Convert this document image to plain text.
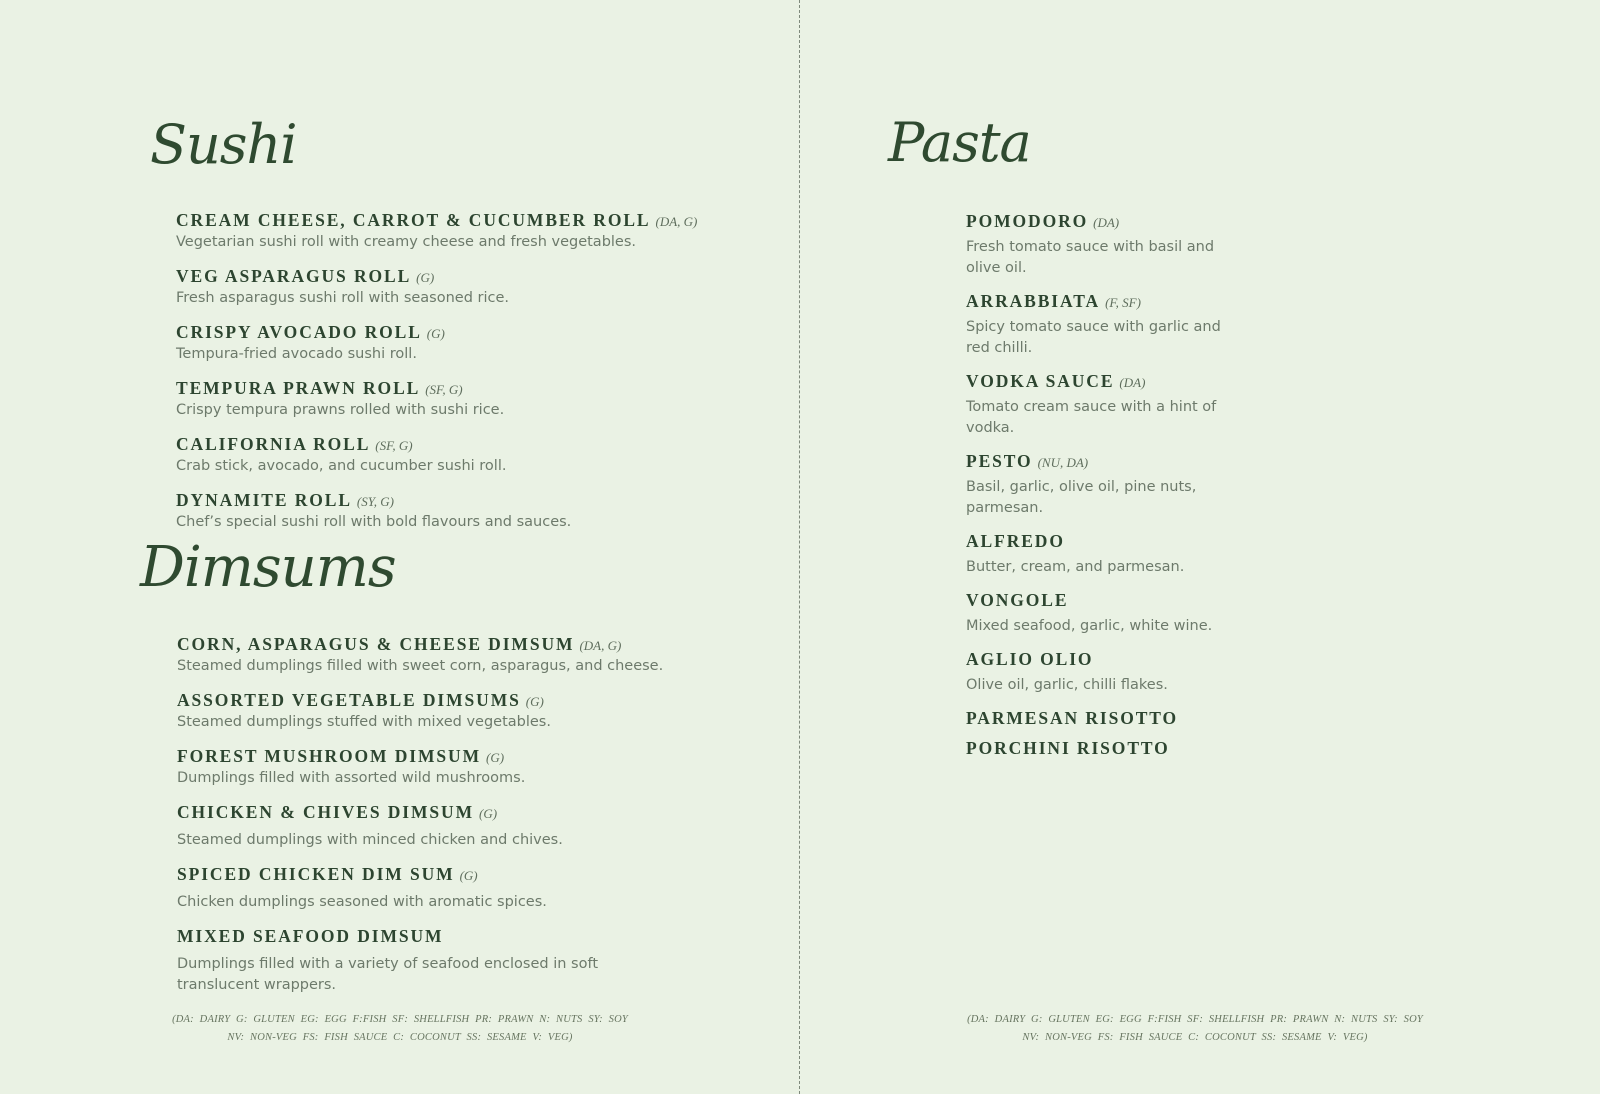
Sushi
CREAM CHEESE, CARROT & CUCUMBER ROLL (DA, G)
Vegetarian sushi roll with creamy cheese and fresh vegetables.
VEG ASPARAGUS ROLL (G)
Fresh asparagus sushi roll with seasoned rice.
CRISPY AVOCADO ROLL (G)
Tempura-fried avocado sushi roll.
TEMPURA PRAWN ROLL (SF, G)
Crispy tempura prawns rolled with sushi rice.
CALIFORNIA ROLL (SF, G)
Crab stick, avocado, and cucumber sushi roll.
DYNAMITE ROLL (SY, G)
Chef’s special sushi roll with bold flavours and sauces.
Dimsums
CORN, ASPARAGUS & CHEESE DIMSUM (DA, G)
Steamed dumplings filled with sweet corn, asparagus, and cheese.
ASSORTED VEGETABLE DIMSUMS (G)
Steamed dumplings stuffed with mixed vegetables.
FOREST MUSHROOM DIMSUM (G)
Dumplings filled with assorted wild mushrooms.
CHICKEN & CHIVES DIMSUM (G)
Steamed dumplings with minced chicken and chives.
SPICED CHICKEN DIM SUM (G)
Chicken dumplings seasoned with aromatic spices.
MIXED SEAFOOD DIMSUM
Dumplings filled with a variety of seafood enclosed in soft translucent wrappers.

(DA: DAIRY G: GLUTEN EG: EGG F:FISH SF: SHELLFISH PR: PRAWN N: NUTS SY: SOY
NV: NON-VEG FS: FISH SAUCE C: COCONUT SS: SESAME V: VEG)

Pasta
POMODORO (DA)
Fresh tomato sauce with basil and olive oil.
ARRABBIATA (F, SF)
Spicy tomato sauce with garlic and red chilli.
VODKA SAUCE (DA)
Tomato cream sauce with a hint of vodka.
PESTO (NU, DA)
Basil, garlic, olive oil, pine nuts, parmesan.
ALFREDO
Butter, cream, and parmesan.
VONGOLE
Mixed seafood, garlic, white wine.
AGLIO OLIO
Olive oil, garlic, chilli flakes.
PARMESAN RISOTTO
PORCHINI RISOTTO

(DA: DAIRY G: GLUTEN EG: EGG F:FISH SF: SHELLFISH PR: PRAWN N: NUTS SY: SOY
NV: NON-VEG FS: FISH SAUCE C: COCONUT SS: SESAME V: VEG)
